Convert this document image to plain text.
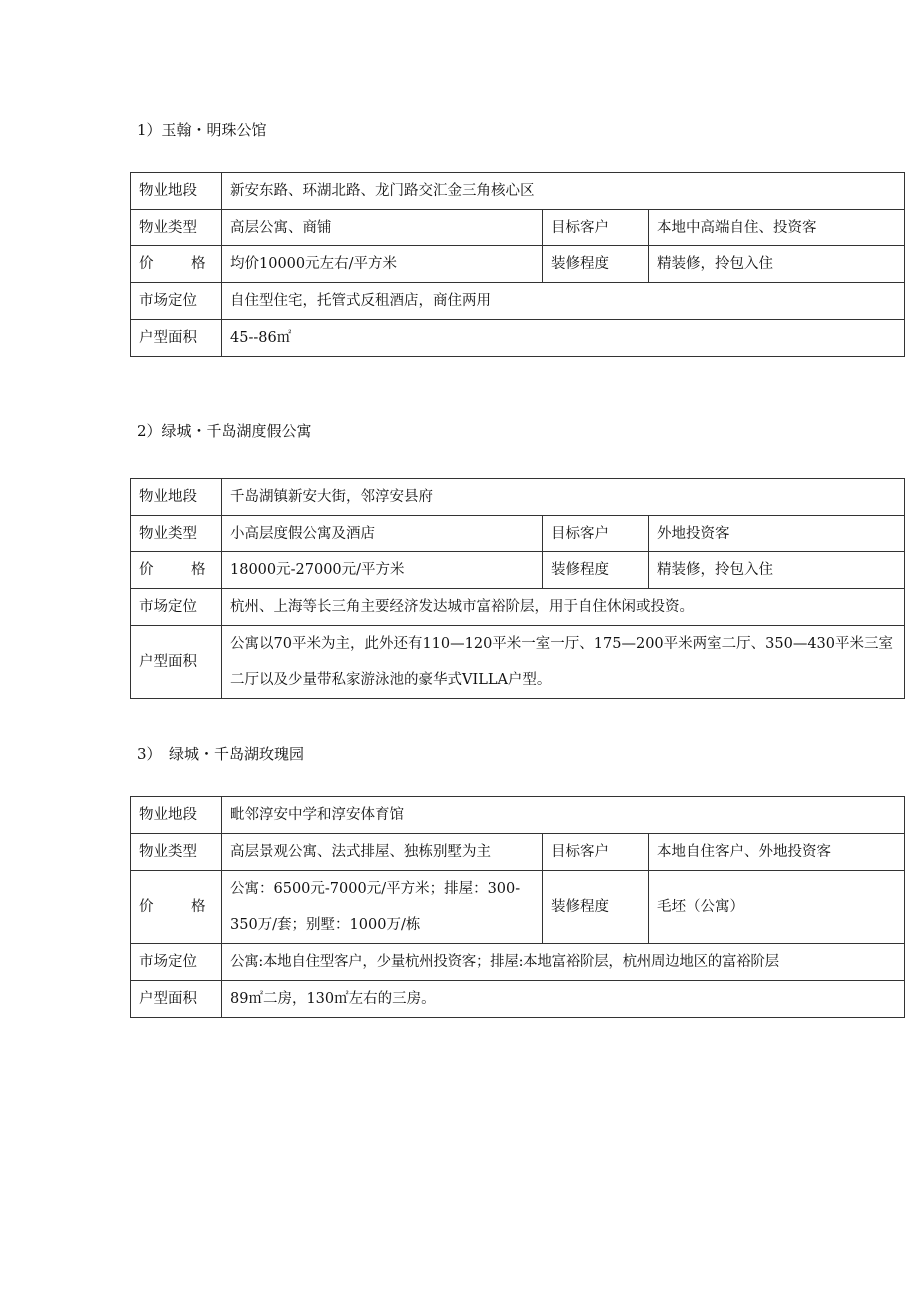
1）玉翰・明珠公馆
物业地段	新安东路、环湖北路、龙门路交汇金三角核心区		
物业类型	高层公寓、商铺	目标客户	本地中高端自住、投资客
价 格	均价10000元左右/平方米	装修程度	精装修，拎包入住
市场定位	自住型住宅，托管式反租酒店，商住两用		
户型面积	45--86㎡		
2）绿城・千岛湖度假公寓
物业地段	千岛湖镇新安大街，邻淳安县府		
物业类型	小高层度假公寓及酒店	目标客户	外地投资客
价 格	18000元-27000元/平方米	装修程度	精装修，拎包入住
市场定位	杭州、上海等长三角主要经济发达城市富裕阶层，用于自住休闲或投资。		
户型面积	公寓以70平米为主，此外还有110—120平米一室一厅、175—200平米两室二厅、350—430平米三室二厅以及少量带私家游泳池的豪华式VILLA户型。		
3）　绿城・千岛湖玫瑰园
物业地段	毗邻淳安中学和淳安体育馆		
物业类型	高层景观公寓、法式排屋、独栋别墅为主	目标客户	本地自住客户、外地投资客
价 格	公寓：6500元-7000元/平方米；排屋：300-350万/套；别墅：1000万/栋	装修程度	毛坯（公寓）
市场定位	公寓:本地自住型客户，少量杭州投资客；排屋:本地富裕阶层，杭州周边地区的富裕阶层		
户型面积	89㎡二房，130㎡左右的三房。		
